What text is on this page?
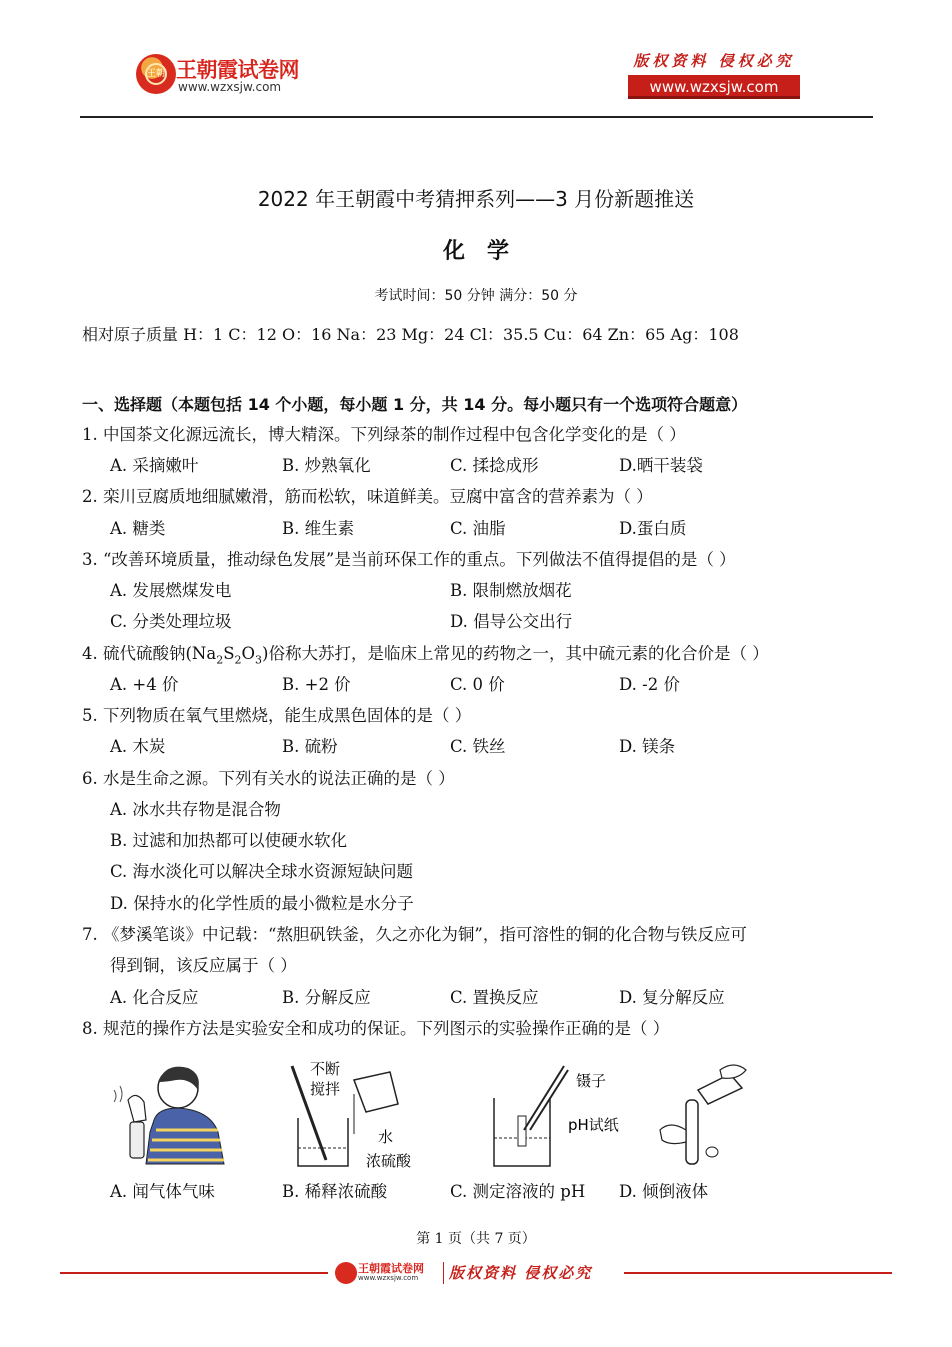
王朝 王朝霞试卷网
www.wzxsjw.com
版权资料 侵权必究
www.wzxsjw.com
2022 年王朝霞中考猜押系列——3 月份新题推送
化学
考试时间：50 分钟 满分：50 分
相对原子质量 H：1 C：12 O：16 Na：23 Mg：24 Cl：35.5 Cu：64 Zn：65 Ag：108
一、选择题（本题包括 14 个小题，每小题 1 分，共 14 分。每小题只有一个选项符合题意）
1. 中国茶文化源远流长，博大精深。下列绿茶的制作过程中包含化学变化的是（ ）
A. 采摘嫩叶	B. 炒熟氧化	C. 揉捻成形	D.晒干装袋
2. 栾川豆腐质地细腻嫩滑，筋而松软，味道鲜美。豆腐中富含的营养素为（ ）
A. 糖类	B. 维生素	C. 油脂	D.蛋白质
3. “改善环境质量，推动绿色发展”是当前环保工作的重点。下列做法不值得提倡的是（ ）
A. 发展燃煤发电	B. 限制燃放烟花
C. 分类处理垃圾	D. 倡导公交出行
4. 硫代硫酸钠$(Na_2S_2O_3)$俗称大苏打，是临床上常见的药物之一，其中硫元素的化合价是（ ）
A. +4 价	B. +2 价	C. 0 价	D. -2 价
5. 下列物质在氧气里燃烧，能生成黑色固体的是（ ）
A. 木炭	B. 硫粉	C. 铁丝	D. 镁条
6. 水是生命之源。下列有关水的说法正确的是（ ）
A. 冰水共存物是混合物
B. 过滤和加热都可以使硬水软化
C. 海水淡化可以解决全球水资源短缺问题
D. 保持水的化学性质的最小微粒是水分子
7. 《梦溪笔谈》中记载：“熬胆矾铁釜，久之亦化为铜”，指可溶性的铜的化合物与铁反应可
得到铜，该反应属于（ ）
A. 化合反应	B. 分解反应	C. 置换反应	D. 复分解反应
8. 规范的操作方法是实验安全和成功的保证。下列图示的实验操作正确的是（ ）
不断
搅拌
水
浓硫酸
镊子
pH试纸
A. 闻气体气味	B. 稀释浓硫酸	C. 测定溶液的 pH D. 倾倒液体
第 1 页（共 7 页）
王朝霞试卷网
www.wzxsjw.com 版权资料 侵权必究
